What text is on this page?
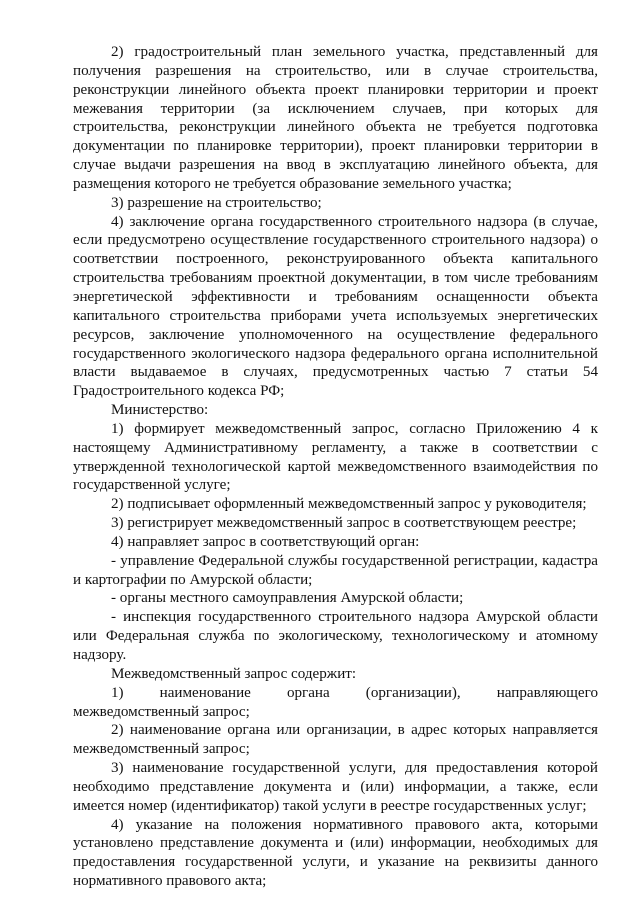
2) градостроительный план земельного участка, представленный для получения разрешения на строительство, или в случае строительства, реконструкции линейного объекта проект планировки территории и проект межевания территории (за исключением случаев, при которых для строительства, реконструкции линейного объекта не требуется подготовка документации по планировке территории), проект планировки территории в случае выдачи разрешения на ввод в эксплуатацию линейного объекта, для размещения которого не требуется образование земельного участка;

3) разрешение на строительство;

4) заключение органа государственного строительного надзора (в случае, если предусмотрено осуществление государственного строительного надзора) о соответствии построенного, реконструированного объекта капитального строительства требованиям проектной документации, в том числе требованиям энергетической эффективности и требованиям оснащенности объекта капитального строительства приборами учета используемых энергетических ресурсов, заключение уполномоченного на осуществление федерального государственного экологического надзора федерального органа исполнительной власти выдаваемое в случаях, предусмотренных частью 7 статьи 54 Градостроительного кодекса РФ;

Министерство:

1) формирует межведомственный запрос, согласно Приложению 4 к настоящему Административному регламенту, а также в соответствии с утвержденной технологической картой межведомственного взаимодействия по государственной услуге;

2) подписывает оформленный межведомственный запрос у руководителя;

3) регистрирует межведомственный запрос в соответствующем реестре;

4) направляет запрос в соответствующий орган:

- управление Федеральной службы государственной регистрации, кадастра и картографии по Амурской области;

- органы местного самоуправления Амурской области;

- инспекция государственного строительного надзора Амурской области или Федеральная служба по экологическому, технологическому и атомному надзору.

Межведомственный запрос содержит:

1) наименование органа (организации), направляющего межведомственный запрос;

2) наименование органа или организации, в адрес которых направляется межведомственный запрос;

3) наименование государственной услуги, для предоставления которой необходимо представление документа и (или) информации, а также, если имеется номер (идентификатор) такой услуги в реестре государственных услуг;

4) указание на положения нормативного правового акта, которыми установлено представление документа и (или) информации, необходимых для предоставления государственной услуги, и указание на реквизиты данного нормативного правового акта;
